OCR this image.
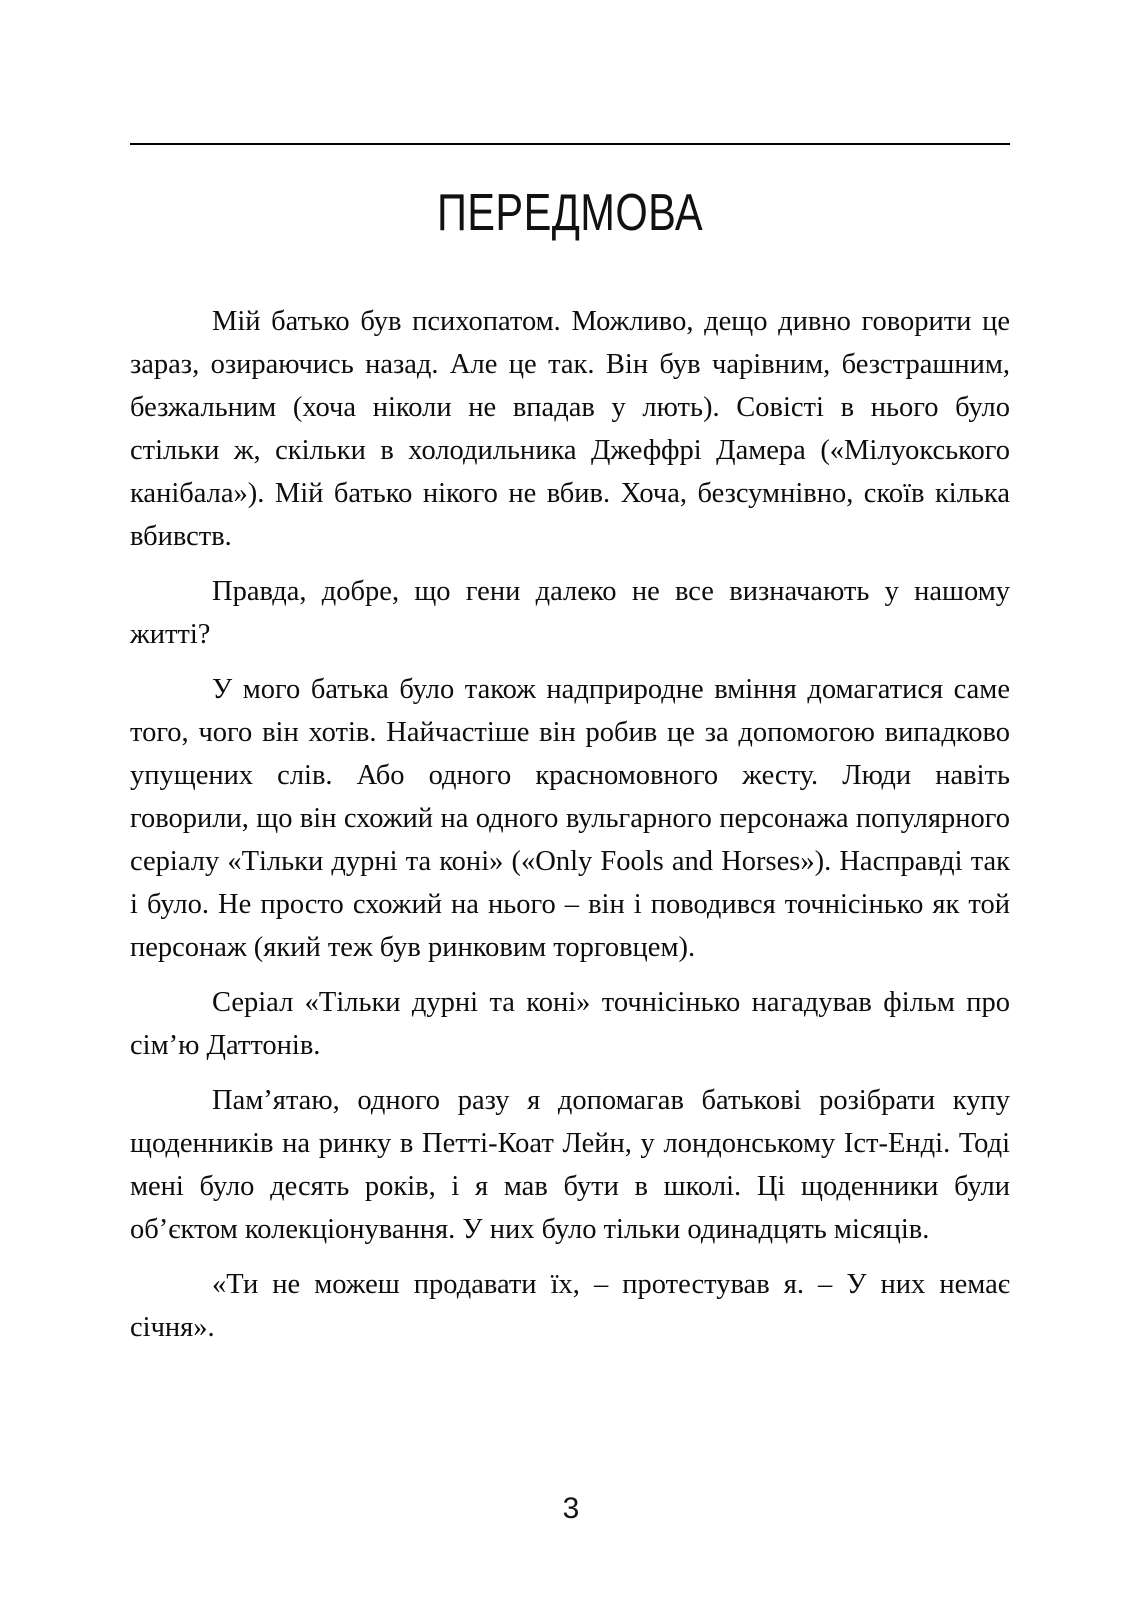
ПЕРЕДМОВА

Мій батько був психопатом. Можливо, дещо дивно говорити це зараз, озираючись назад. Але це так. Він був чарівним, безстрашним, безжальним (хоча ніколи не впадав у лють). Совісті в нього було стільки ж, скільки в холодильника Джеффрі Дамера («Мілуокського канібала»). Мій батько нікого не вбив. Хоча, безсумнівно, скоїв кілька вбивств.

Правда, добре, що гени далеко не все визначають у нашому житті?

У мого батька було також надприродне вміння домагатися саме того, чого він хотів. Найчастіше він робив це за допомогою випадково упущених слів. Або одного красномовного жесту. Люди навіть говорили, що він схожий на одного вульгарного персонажа популярного серіалу «Тільки дурні та коні» («Only Fools and Horses»). Насправді так і було. Не просто схожий на нього – він і поводився точнісінько як той персонаж (який теж був ринковим торговцем).

Серіал «Тільки дурні та коні» точнісінько нагадував фільм про сім’ю Даттонів.

Пам’ятаю, одного разу я допомагав батькові розібрати купу щоденників на ринку в Петті-Коат Лейн, у лондонському Іст-Енді. Тоді мені було десять років, і я мав бути в школі. Ці щоденники були об’єктом колекціонування. У них було тільки одинадцять місяців.

«Ти не можеш продавати їх, – протестував я. – У них немає січня».

3
